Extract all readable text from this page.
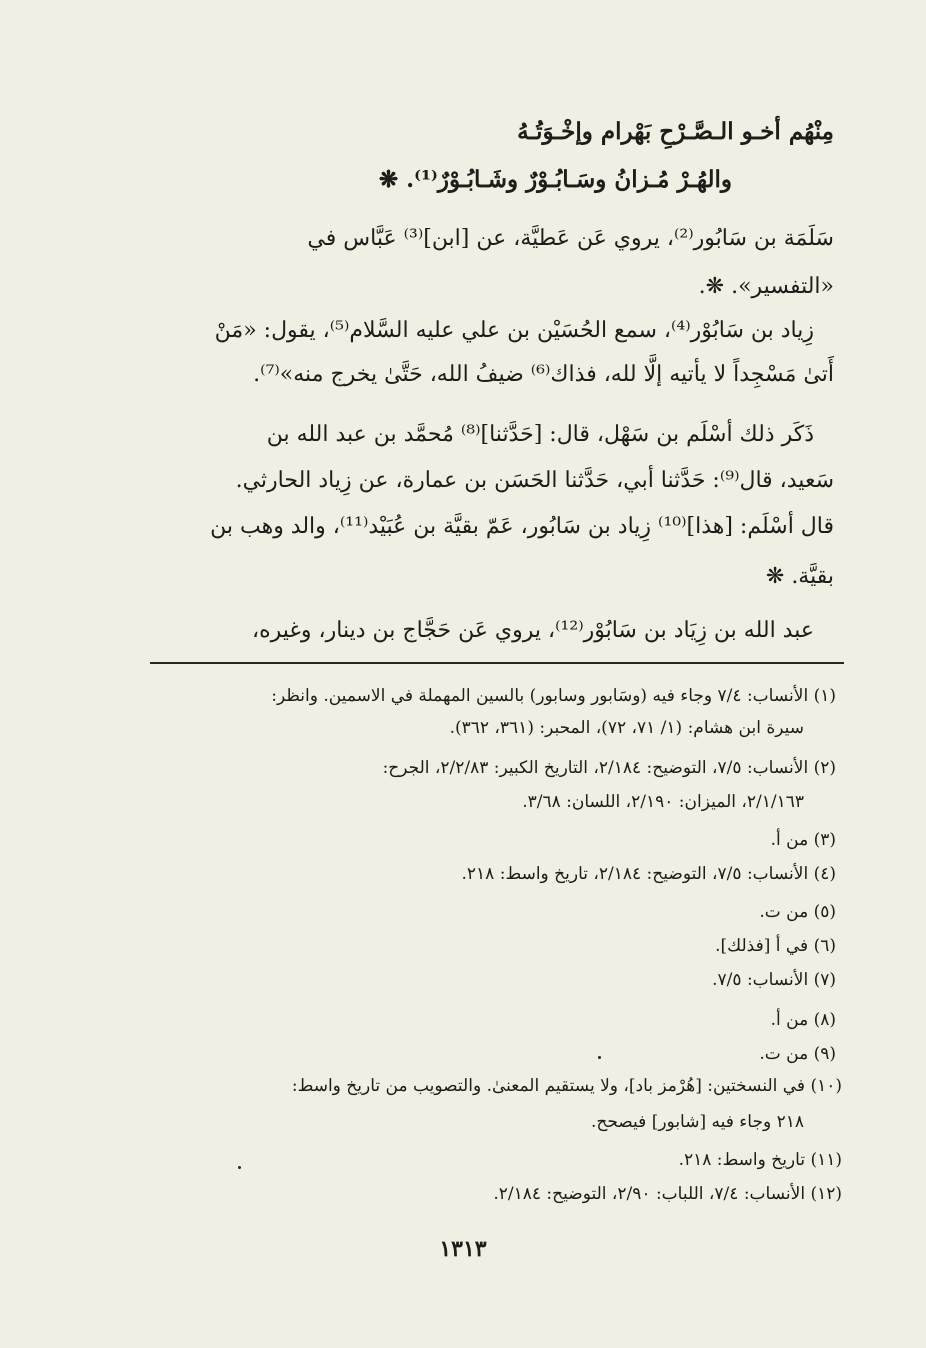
مِنْهُم أخـو الـصَّـرْحِ بَهْرام وإخْـوَتُـهُ
والهُـرْ مُـزانُ وسَـابُـوْرٌ وشَـابُـوْرٌ⁽¹⁾. ❋
سَلَمَة بن سَابُور⁽²⁾، يروي عَن عَطيَّة، عن [ابن]⁽³⁾ عَبَّاس في
«التفسير». ❋.
زِياد بن سَابُوْر⁽⁴⁾، سمع الحُسَيْن بن علي عليه السَّلام⁽⁵⁾، يقول: «مَنْ
أَتىٰ مَسْجِداً لا يأتيه إلَّا لله، فذاك⁽⁶⁾ ضيفُ الله، حَتَّىٰ يخرج منه»⁽⁷⁾.
ذَكَر ذلك أسْلَم بن سَهْل، قال: [حَدَّثنا]⁽⁸⁾ مُحمَّد بن عبد الله بن
سَعيد، قال⁽⁹⁾: حَدَّثنا أبي، حَدَّثنا الحَسَن بن عمارة، عن زِياد الحارثي.
قال أسْلَم: [هذا]⁽¹⁰⁾ زِياد بن سَابُور، عَمّ بقيَّة بن عُبَيْد⁽¹¹⁾، والد وهب بن
بقيَّة. ❋
عبد الله بن زِيَاد بن سَابُوْر⁽¹²⁾، يروي عَن حَجَّاج بن دينار، وغيره،
(١) الأنساب: ٧/٤ وجاء فيه (وسَابور وسابور) بالسين المهملة في الاسمين. وانظر:
سيرة ابن هشام: (١/ ٧١، ٧٢)، المحبر: (٣٦١، ٣٦٢).
(٢) الأنساب: ٧/٥، التوضيح: ٢/١٨٤، التاريخ الكبير: ٢/٢/٨٣، الجرح:
٢/١/١٦٣، الميزان: ٢/١٩٠، اللسان: ٣/٦٨.
(٣) من أ.
(٤) الأنساب: ٧/٥، التوضيح: ٢/١٨٤، تاريخ واسط: ٢١٨.
(٥) من ت.
(٦) في أ [فذلك].
(٧) الأنساب: ٧/٥.
(٨) من أ.
(٩) من ت.
(١٠) في النسختين: [هُرْمز باد]، ولا يستقيم المعنىٰ. والتصويب من تاريخ واسط:
٢١٨ وجاء فيه [شابور] فيصحح.
(١١) تاريخ واسط: ٢١٨.
(١٢) الأنساب: ٧/٤، اللباب: ٢/٩٠، التوضيح: ٢/١٨٤.
١٣١٣
